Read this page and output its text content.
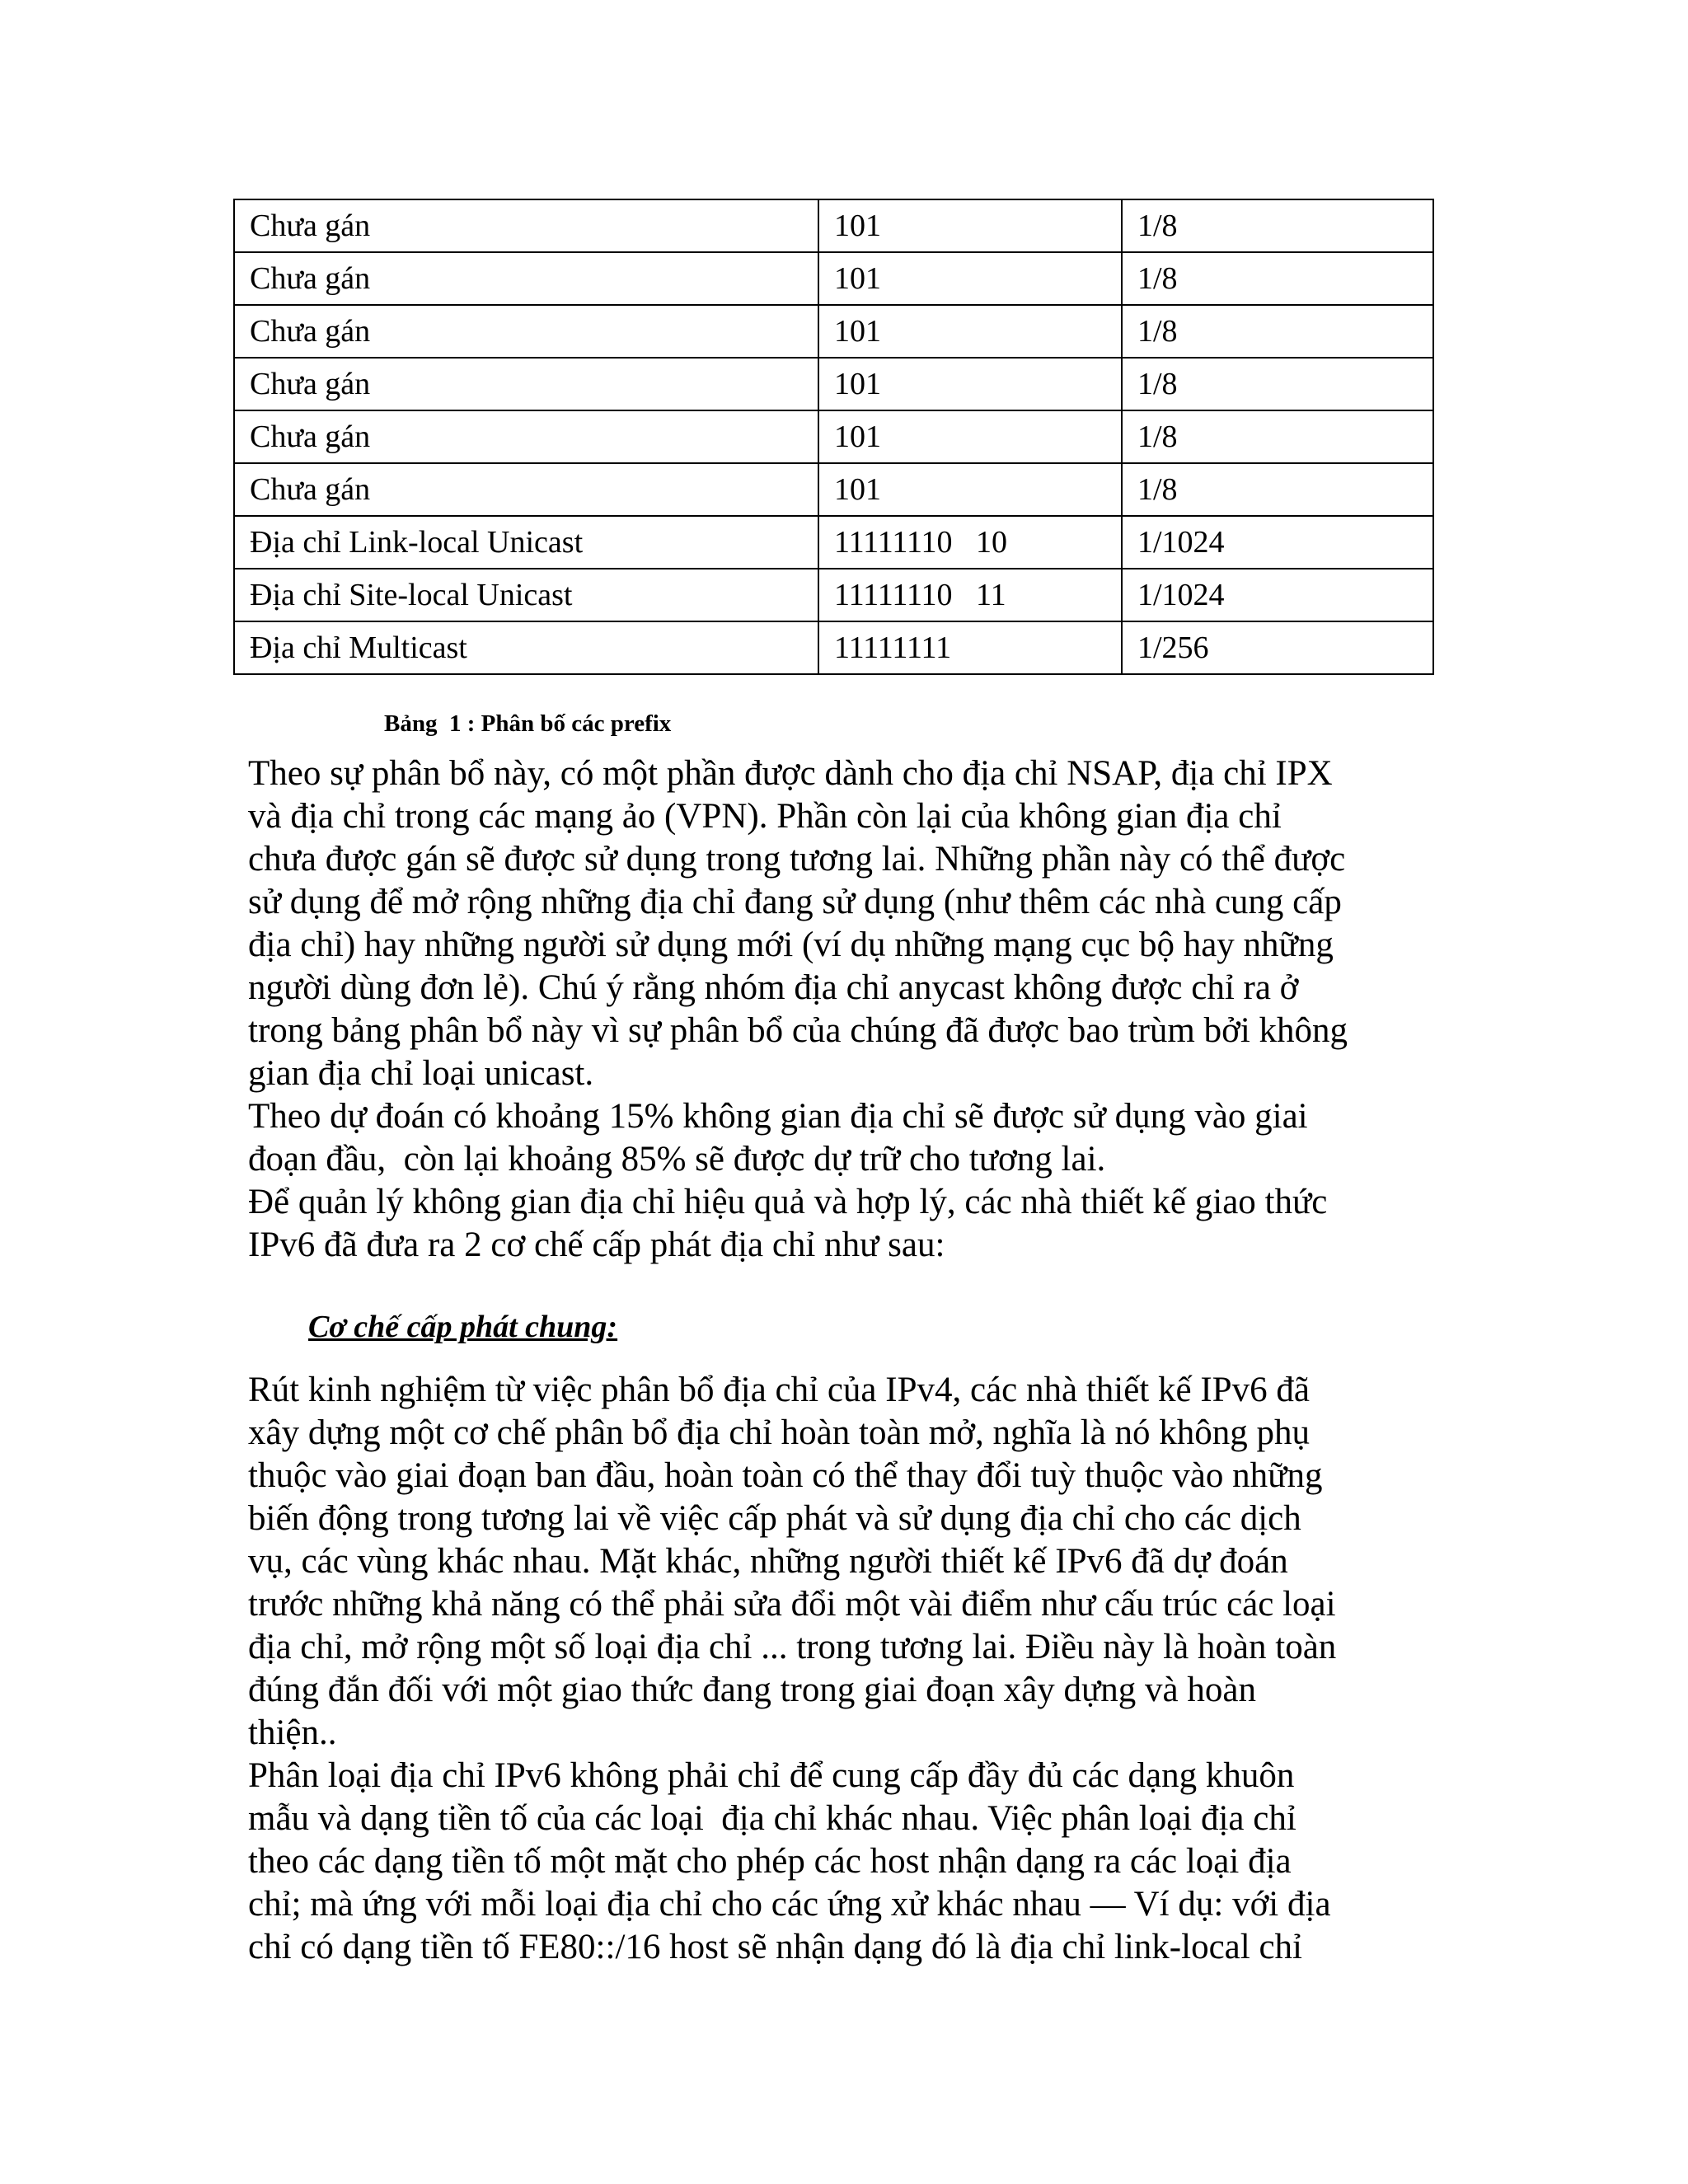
Chưa gán	101	1/8
Chưa gán	101	1/8
Chưa gán	101	1/8
Chưa gán	101	1/8
Chưa gán	101	1/8
Chưa gán	101	1/8
Địa chỉ Link-local Unicast	11111110   10	1/1024
Địa chỉ Site-local Unicast	11111110   11	1/1024
Địa chỉ Multicast	11111111	1/256
Bảng  1 : Phân bố các prefix

Theo sự phân bổ này, có một phần được dành cho địa chỉ NSAP, địa chỉ IPX
và địa chỉ trong các mạng ảo (VPN). Phần còn lại của không gian địa chỉ
chưa được gán sẽ được sử dụng trong tương lai. Những phần này có thể được
sử dụng để mở rộng những địa chỉ đang sử dụng (như thêm các nhà cung cấp
địa chỉ) hay những người sử dụng mới (ví dụ những mạng cục bộ hay những
người dùng đơn lẻ). Chú ý rằng nhóm địa chỉ anycast không được chỉ ra ở
trong bảng phân bổ này vì sự phân bổ của chúng đã được bao trùm bởi không
gian địa chỉ loại unicast.

Theo dự đoán có khoảng 15% không gian địa chỉ sẽ được sử dụng vào giai
đoạn đầu,  còn lại khoảng 85% sẽ được dự trữ cho tương lai.

Để quản lý không gian địa chỉ hiệu quả và hợp lý, các nhà thiết kế giao thức
IPv6 đã đưa ra 2 cơ chế cấp phát địa chỉ như sau:

Cơ chế cấp phát chung:

Rút kinh nghiệm từ việc phân bổ địa chỉ của IPv4, các nhà thiết kế IPv6 đã
xây dựng một cơ chế phân bổ địa chỉ hoàn toàn mở, nghĩa là nó không phụ
thuộc vào giai đoạn ban đầu, hoàn toàn có thể thay đổi tuỳ thuộc vào những
biến động trong tương lai về việc cấp phát và sử dụng địa chỉ cho các dịch
vụ, các vùng khác nhau. Mặt khác, những người thiết kế IPv6 đã dự đoán
trước những khả năng có thể phải sửa đổi một vài điểm như cấu trúc các loại
địa chỉ, mở rộng một số loại địa chỉ ... trong tương lai. Điều này là hoàn toàn
đúng đắn đối với một giao thức đang trong giai đoạn xây dựng và hoàn
thiện..

Phân loại địa chỉ IPv6 không phải chỉ để cung cấp đầy đủ các dạng khuôn
mẫu và dạng tiền tố của các loại  địa chỉ khác nhau. Việc phân loại địa chỉ
theo các dạng tiền tố một mặt cho phép các host nhận dạng ra các loại địa
chỉ; mà ứng với mỗi loại địa chỉ cho các ứng xử khác nhau — Ví dụ: với địa
chỉ có dạng tiền tố FE80::/16 host sẽ nhận dạng đó là địa chỉ link-local chỉ
